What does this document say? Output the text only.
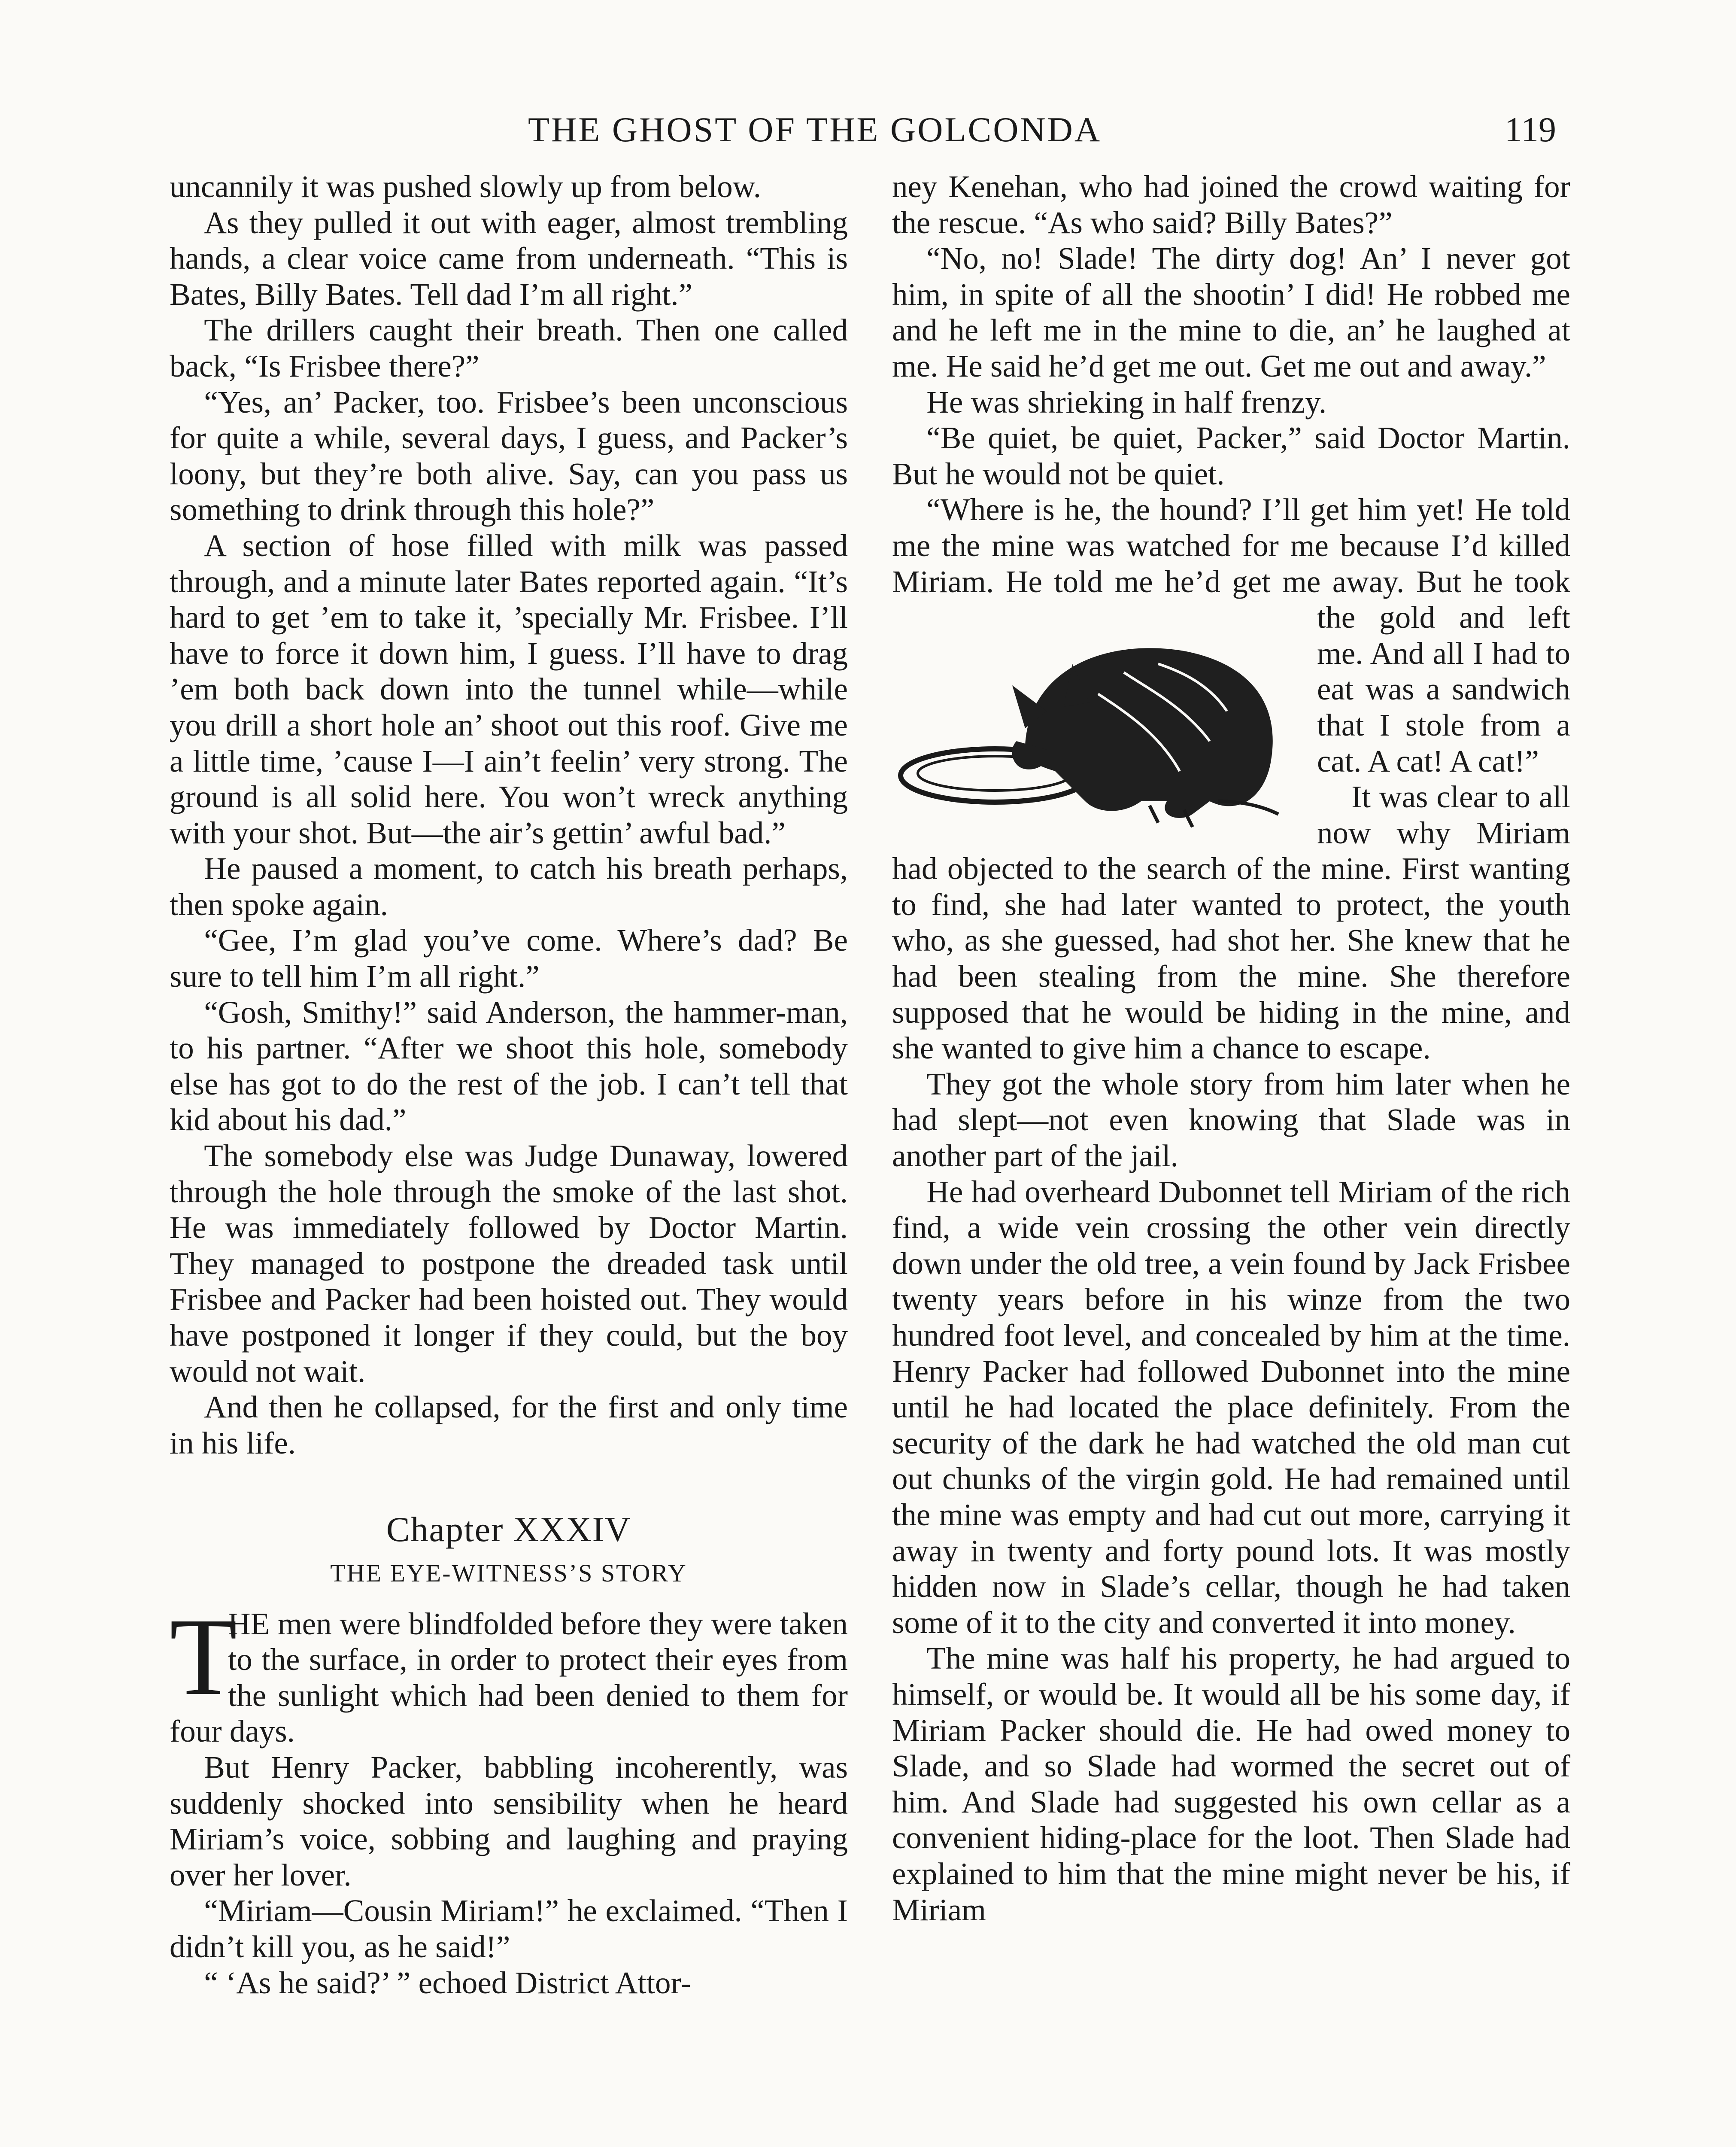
THE GHOST OF THE GOLCONDA	119

uncannily it was pushed slowly up from below.

As they pulled it out with eager, almost trembling hands, a clear voice came from underneath. “This is Bates, Billy Bates. Tell dad I’m all right.”

The drillers caught their breath. Then one called back, “Is Frisbee there?”

“Yes, an’ Packer, too. Frisbee’s been unconscious for quite a while, several days, I guess, and Packer’s loony, but they’re both alive. Say, can you pass us something to drink through this hole?”

A section of hose filled with milk was passed through, and a minute later Bates reported again. “It’s hard to get ’em to take it, ’specially Mr. Frisbee. I’ll have to force it down him, I guess. I’ll have to drag ’em both back down into the tunnel while—while you drill a short hole an’ shoot out this roof. Give me a little time, ’cause I—I ain’t feelin’ very strong. The ground is all solid here. You won’t wreck anything with your shot. But—the air’s gettin’ awful bad.”

He paused a moment, to catch his breath perhaps, then spoke again.

“Gee, I’m glad you’ve come. Where’s dad? Be sure to tell him I’m all right.”

“Gosh, Smithy!” said Anderson, the hammer-man, to his partner. “After we shoot this hole, somebody else has got to do the rest of the job. I can’t tell that kid about his dad.”

The somebody else was Judge Dunaway, lowered through the hole through the smoke of the last shot. He was immediately followed by Doctor Martin. They managed to postpone the dreaded task until Frisbee and Packer had been hoisted out. They would have postponed it longer if they could, but the boy would not wait.

And then he collapsed, for the first and only time in his life.

Chapter XXXIV
THE EYE-WITNESS’S STORY
T

HE men were blindfolded before they were taken to the surface, in order to protect their eyes from the sunlight which had been denied to them for four days.

But Henry Packer, babbling incoherently, was suddenly shocked into sensibility when he heard Miriam’s voice, sobbing and laughing and praying over her lover.

“Miriam—Cousin Miriam!” he exclaimed. “Then I didn’t kill you, as he said!”

“ ‘As he said?’ ” echoed District Attor-

ney Kenehan, who had joined the crowd waiting for the rescue. “As who said? Billy Bates?”

“No, no! Slade! The dirty dog! An’ I never got him, in spite of all the shootin’ I did! He robbed me and he left me in the mine to die, an’ he laughed at me. He said he’d get me out. Get me out and away.”

He was shrieking in half frenzy.

“Be quiet, be quiet, Packer,” said Doctor Martin. But he would not be quiet.

“Where is he, the hound? I’ll get him yet! He told me the mine was watched for me because I’d killed Miriam. He told me he’d get me away.
But he took the gold and left me. And all I had to eat was a sandwich that I stole from a cat. A cat! A cat!”

It was clear to all now why Miriam had objected to the search of the mine. First wanting to find, she had later wanted to protect, the youth who, as she guessed, had shot her. She knew that he had been stealing from the mine. She therefore supposed that he would be hiding in the mine, and she wanted to give him a chance to escape.

They got the whole story from him later when he had slept—not even knowing that Slade was in another part of the jail.

He had overheard Dubonnet tell Miriam of the rich find, a wide vein crossing the other vein directly down under the old tree, a vein found by Jack Frisbee twenty years before in his winze from the two hundred foot level, and concealed by him at the time. Henry Packer had followed Dubonnet into the mine until he had located the place definitely. From the security of the dark he had watched the old man cut out chunks of the virgin gold. He had remained until the mine was empty and had cut out more, carrying it away in twenty and forty pound lots. It was mostly hidden now in Slade’s cellar, though he had taken some of it to the city and converted it into money.

The mine was half his property, he had argued to himself, or would be. It would all be his some day, if Miriam Packer should die. He had owed money to Slade, and so Slade had wormed the secret out of him. And Slade had suggested his own cellar as a convenient hiding-place for the loot. Then Slade had explained to him that the mine might never be his, if Miriam
